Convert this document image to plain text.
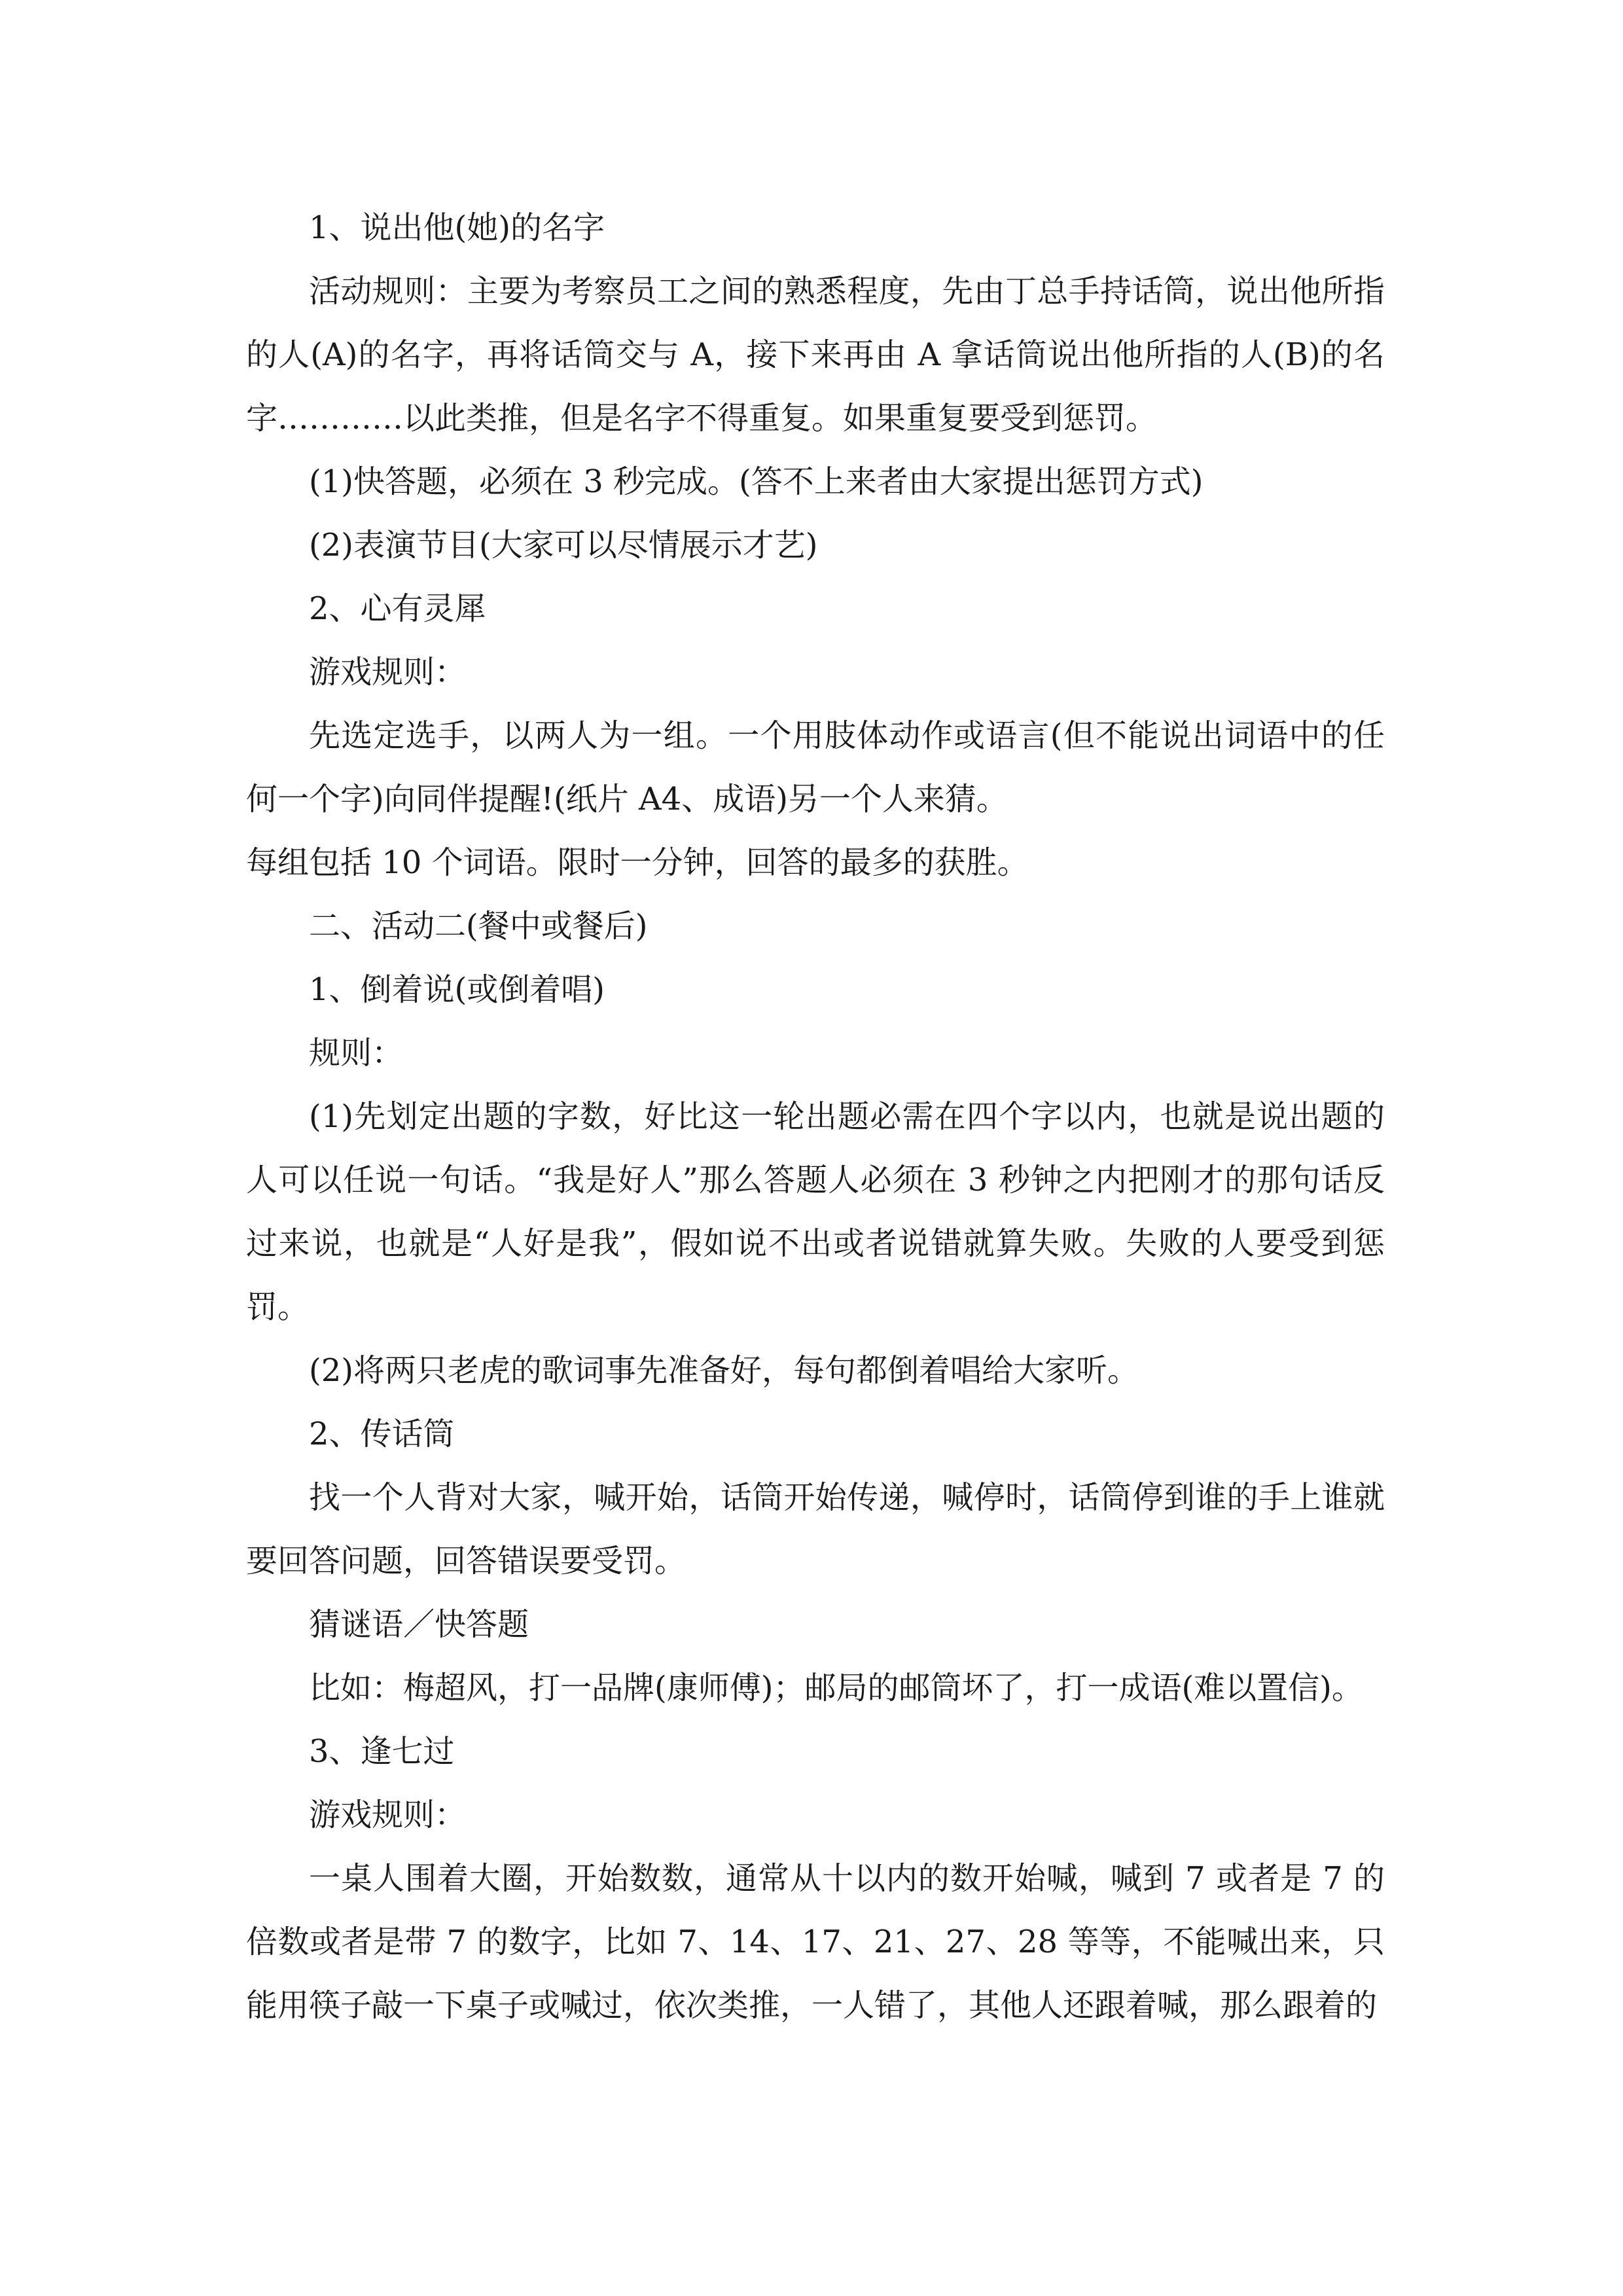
1、说出他(她)的名字

活动规则：主要为考察员工之间的熟悉程度，先由丁总手持话筒，说出他所指的人(A)的名字，再将话筒交与 A，接下来再由 A 拿话筒说出他所指的人(B)的名字…………以此类推，但是名字不得重复。如果重复要受到惩罚。

(1)快答题，必须在 3 秒完成。(答不上来者由大家提出惩罚方式)

(2)表演节目(大家可以尽情展示才艺)

2、心有灵犀

游戏规则：

先选定选手，以两人为一组。一个用肢体动作或语言(但不能说出词语中的任何一个字)向同伴提醒!(纸片 A4、成语)另一个人来猜。

每组包括 10 个词语。限时一分钟，回答的最多的获胜。

二、活动二(餐中或餐后)

1、倒着说(或倒着唱)

规则：

(1)先划定出题的字数，好比这一轮出题必需在四个字以内，也就是说出题的人可以任说一句话。“我是好人”那么答题人必须在 3 秒钟之内把刚才的那句话反过来说，也就是“人好是我”，假如说不出或者说错就算失败。失败的人要受到惩罚。

(2)将两只老虎的歌词事先准备好，每句都倒着唱给大家听。

2、传话筒

找一个人背对大家，喊开始，话筒开始传递，喊停时，话筒停到谁的手上谁就要回答问题，回答错误要受罚。

猜谜语／快答题

比如：梅超风，打一品牌(康师傅)；邮局的邮筒坏了，打一成语(难以置信)。

3、逢七过

游戏规则：

一桌人围着大圈，开始数数，通常从十以内的数开始喊，喊到 7 或者是 7 的倍数或者是带 7 的数字，比如 7、14、17、21、27、28 等等，不能喊出来，只能用筷子敲一下桌子或喊过，依次类推，一人错了，其他人还跟着喊，那么跟着的
